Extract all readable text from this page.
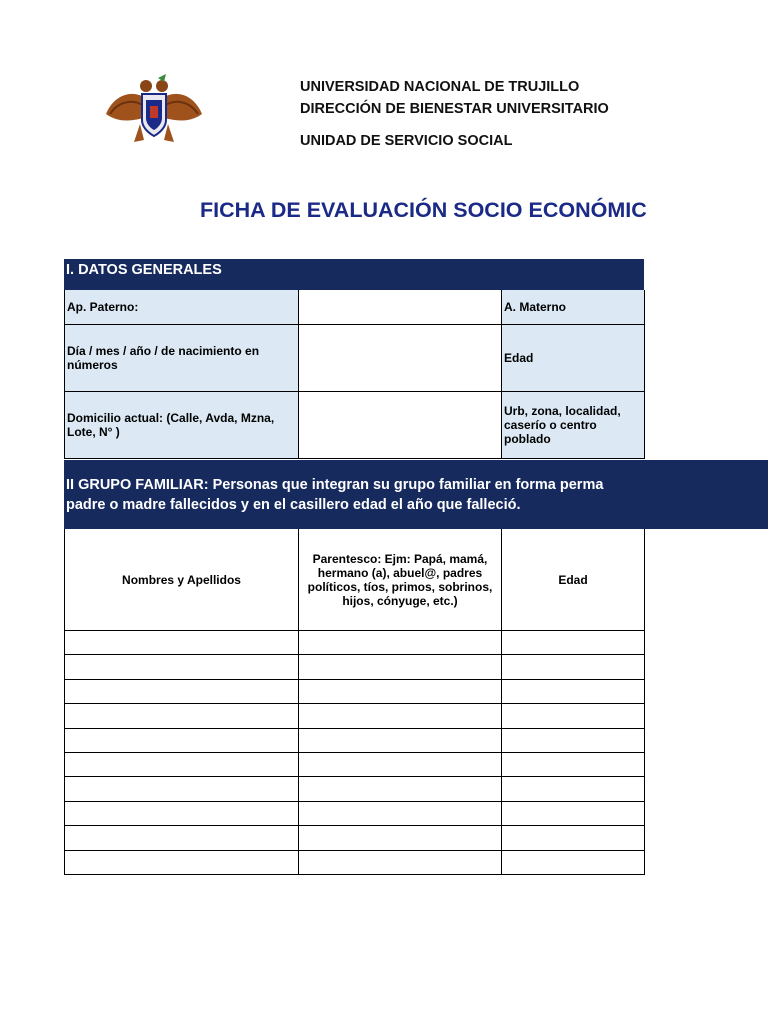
UNIVERSIDAD NACIONAL DE TRUJILLO
DIRECCIÓN DE BIENESTAR UNIVERSITARIO
UNIDAD DE SERVICIO SOCIAL
FICHA DE EVALUACIÓN SOCIO ECONÓMIC
I. DATOS GENERALES
Ap. Paterno:	A. Materno
Día / mes / año / de nacimiento en números	Edad
Domicilio actual: (Calle, Avda, Mzna, Lote, N° )
Urb, zona, localidad, caserío o centro poblado
II GRUPO FAMILIAR: Personas que integran su grupo familiar en forma perma
padre o madre fallecidos y en el casillero edad el año que falleció.
Nombres y Apellidos
Parentesco: Ejm: Papá, mamá, hermano (a), abuel@, padres políticos, tíos, primos, sobrinos, hijos, cónyuge, etc.)
Edad
